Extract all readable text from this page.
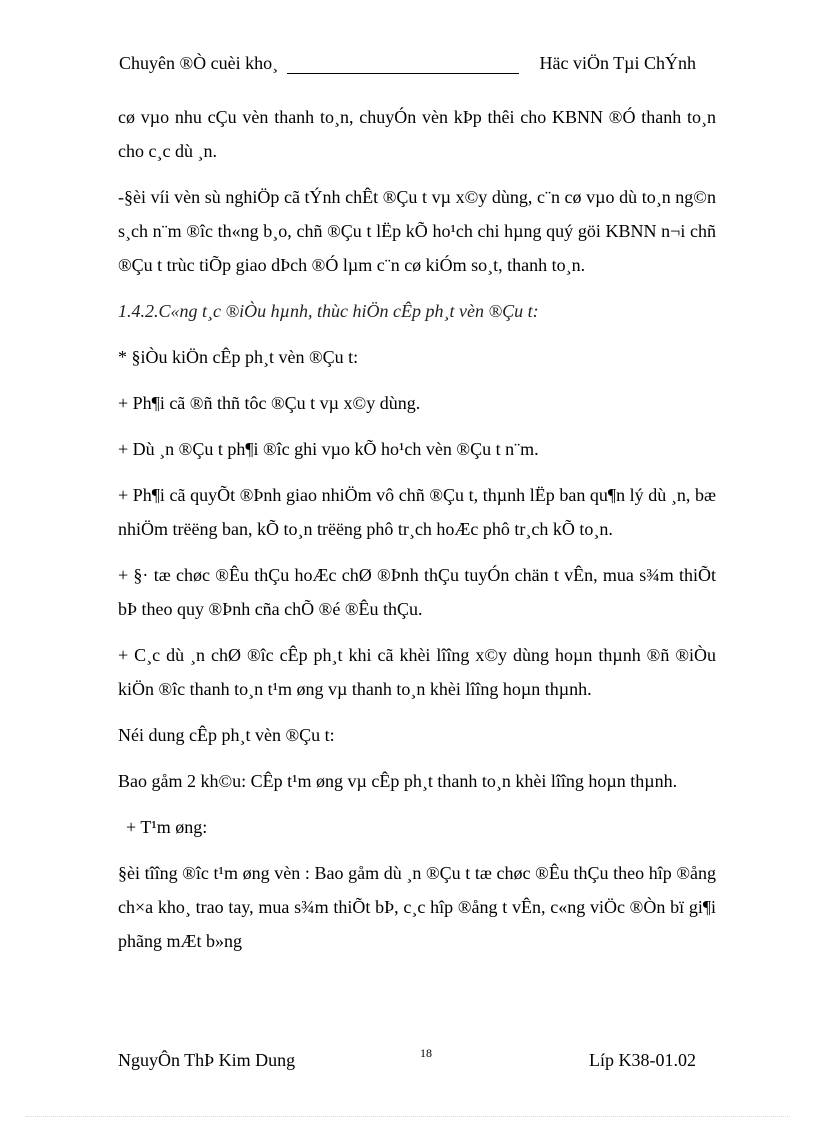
Chuyên ®Ò cuèi kho¸	Häc viÖn Tµi ChÝnh

cø vµo nhu cÇu vèn thanh to¸n, chuyÓn vèn kÞp thêi cho KBNN ®Ó thanh to¸n cho c¸c dù ¸n.

-§èi víi vèn sù nghiÖp cã tÝnh chÊt ®Çu t vµ x©y dùng, c¨n cø vµo dù to¸n ng©n s¸ch n¨m ®îc th«ng b¸o, chñ ®Çu t lËp kÕ ho¹ch chi hµng quý göi KBNN n¬i chñ ®Çu t trùc tiÕp giao dÞch ®Ó lµm c¨n cø kiÓm so¸t, thanh to¸n.

1.4.2.C«ng t¸c ®iÒu hµnh, thùc hiÖn cÊp ph¸t vèn ®Çu t:

* §iÒu kiÖn cÊp ph¸t vèn ®Çu t:

+ Ph¶i cã ®ñ thñ tôc ®Çu t vµ x©y dùng.

+ Dù ¸n ®Çu t ph¶i ®îc ghi vµo kÕ ho¹ch vèn ®Çu t n¨m.

+ Ph¶i cã quyÕt ®Þnh giao nhiÖm vô chñ ®Çu t, thµnh lËp ban qu¶n lý dù ¸n, bæ nhiÖm trëëng ban, kÕ to¸n trëëng phô tr¸ch hoÆc phô tr¸ch kÕ to¸n.

+ §· tæ chøc ®Êu thÇu hoÆc chØ ®Þnh thÇu tuyÓn chän t vÊn, mua s¾m thiÕt bÞ theo quy ®Þnh cña chÕ ®é ®Êu thÇu.

+ C¸c dù ¸n chØ ®îc cÊp ph¸t khi cã khèi lîîng x©y dùng hoµn thµnh ®ñ ®iÒu kiÖn ®îc thanh to¸n t¹m øng vµ thanh to¸n khèi lîîng hoµn thµnh.

Néi dung cÊp ph¸t vèn ®Çu t:

Bao gåm 2 kh©u: CÊp t¹m øng vµ cÊp ph¸t thanh to¸n khèi lîîng hoµn thµnh.

+ T¹m øng:

§èi tîîng ®îc t¹m øng vèn : Bao gåm dù ¸n ®Çu t tæ chøc ®Êu thÇu theo hîp ®ång ch×a kho¸ trao tay, mua s¾m thiÕt bÞ, c¸c hîp ®ång t vÊn, c«ng viÖc ®Òn bï gi¶i phãng mÆt b»ng

NguyÔn ThÞ Kim Dung	18	Líp K38-01.02
